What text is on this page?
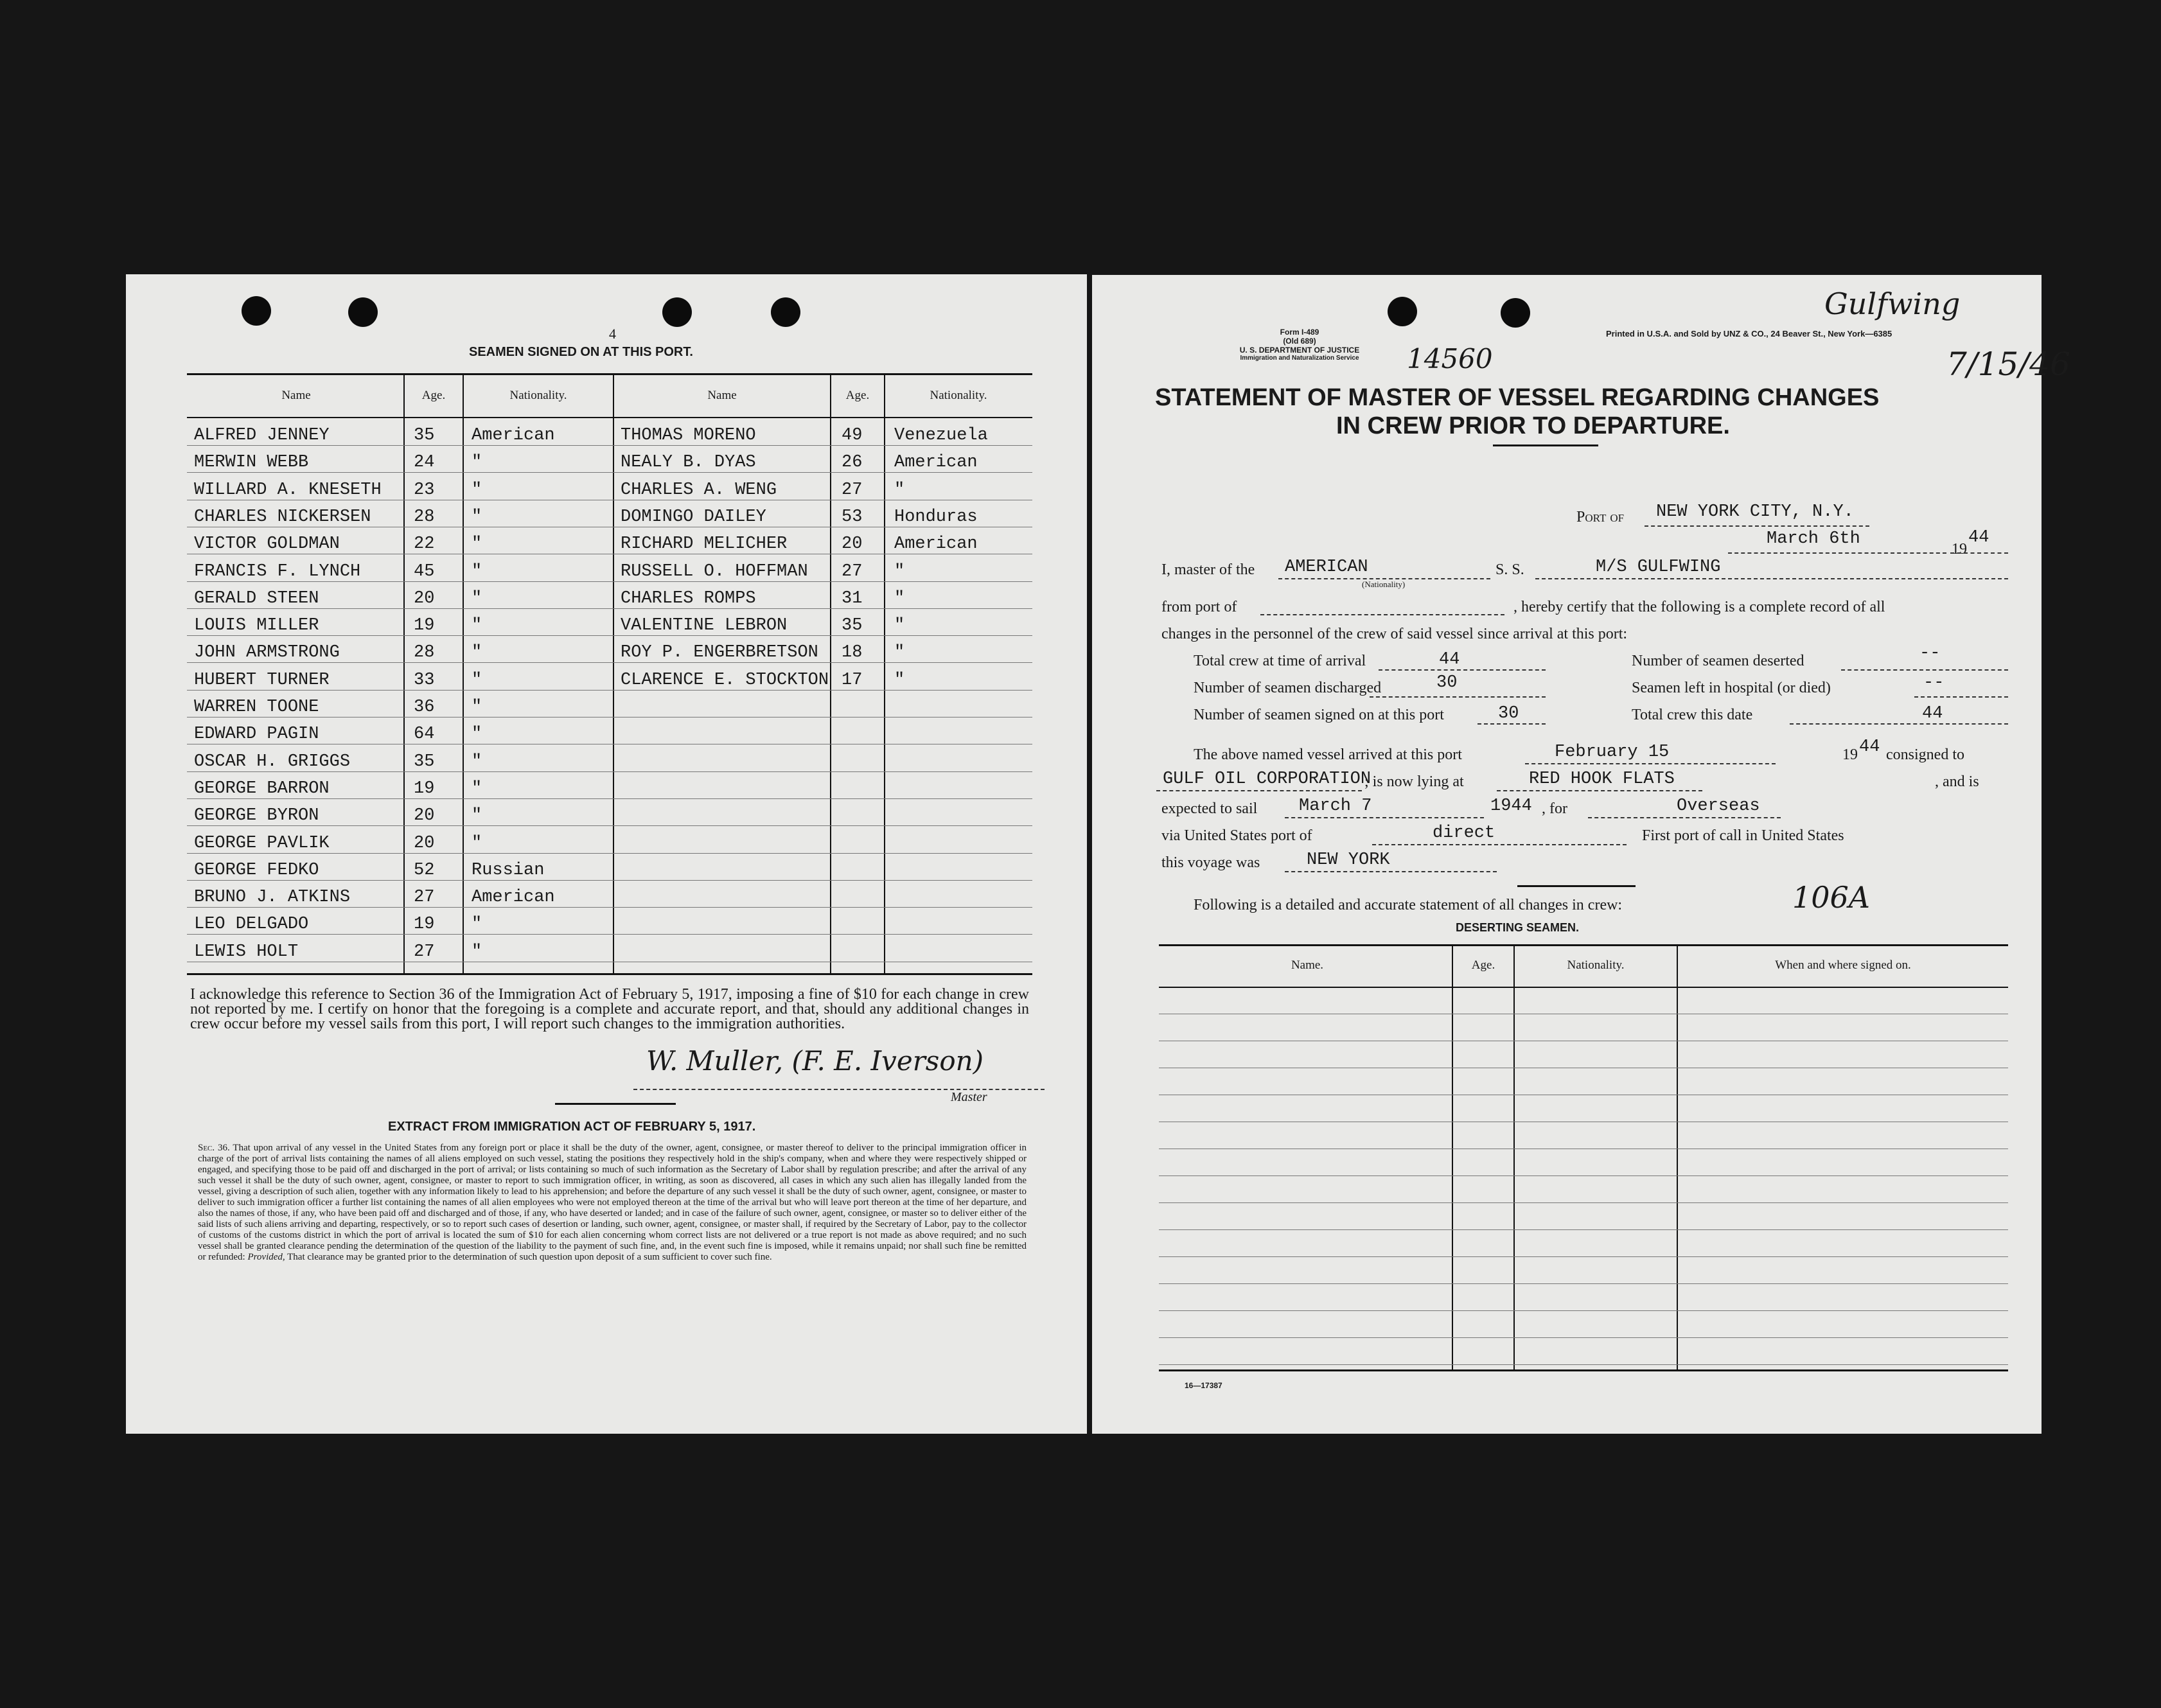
4
SEAMEN SIGNED ON AT THIS PORT.
Name	Age.	Nationality.	Name	Age.	Nationality.
ALFRED JENNEY	35 American
MERWIN WEBB	24 "
WILLARD A. KNESETH 23 "
CHARLES NICKERSEN 28 "
VICTOR GOLDMAN	22 "
FRANCIS F. LYNCH	45 "
GERALD STEEN	20 "
LOUIS MILLER	19 "
JOHN ARMSTRONG	28 "
HUBERT TURNER	33 "
WARREN TOONE	36 "
EDWARD PAGIN	64 "
OSCAR H. GRIGGS	35 "
GEORGE BARRON	19 "
GEORGE BYRON	20 "
GEORGE PAVLIK	20 "
GEORGE FEDKO	52 Russian
BRUNO J. ATKINS	27 American
LEO DELGADO	19 "
LEWIS HOLT	27 "
THOMAS MORENO	49 Venezuela
NEALY B. DYAS	26 American
CHARLES A. WENG	27 "
DOMINGO DAILEY	53 Honduras
RICHARD MELICHER	20 American
RUSSELL O. HOFFMAN 27 "
CHARLES ROMPS	31 "
VALENTINE LEBRON	35 "
ROY P. ENGERBRETSON 18 "
CLARENCE E. STOCKTON 17 "
I acknowledge this reference to Section 36 of the Immigration Act of February 5, 1917, imposing a fine of $10 for each change in crew not reported by me. I certify on honor that the foregoing is a complete and accurate report, and that, should any additional changes in crew occur before my vessel sails from this port, I will report such changes to the immigration authorities.
W. Muller, (F. E. Iverson)
Master
EXTRACT FROM IMMIGRATION ACT OF FEBRUARY 5, 1917.
Sec. 36. That upon arrival of any vessel in the United States from any foreign port or place it shall be the duty of the owner, agent, consignee, or master thereof to deliver to the principal immigration officer in charge of the port of arrival lists containing the names of all aliens employed on such vessel, stating the positions they respectively hold in the ship's company, when and where they were respectively shipped or engaged, and specifying those to be paid off and discharged in the port of arrival; or lists containing so much of such information as the Secretary of Labor shall by regulation prescribe; and after the arrival of any such vessel it shall be the duty of such owner, agent, consignee, or master to report to such immigration officer, in writing, as soon as discovered, all cases in which any such alien has illegally landed from the vessel, giving a description of such alien, together with any information likely to lead to his apprehension; and before the departure of any such vessel it shall be the duty of such owner, agent, consignee, or master to deliver to such immigration officer a further list containing the names of all alien employees who were not employed thereon at the time of the arrival but who will leave port thereon at the time of her departure, and also the names of those, if any, who have been paid off and discharged and of those, if any, who have deserted or landed; and in case of the failure of such owner, agent, consignee, or master so to deliver either of the said lists of such aliens arriving and departing, respectively, or so to report such cases of desertion or landing, such owner, agent, consignee, or master shall, if required by the Secretary of Labor, pay to the collector of customs of the customs district in which the port of arrival is located the sum of $10 for each alien concerning whom correct lists are not delivered or a true report is not made as above required; and no such vessel shall be granted clearance pending the determination of the question of the liability to the payment of such fine, and, in the event such fine is imposed, while it remains unpaid; nor shall such fine be remitted or refunded: Provided, That clearance may be granted prior to the determination of such question upon deposit of a sum sufficient to cover such fine.
Form I-489
(Old 689)
U. S. DEPARTMENT OF JUSTICE
Immigration and Naturalization Service 14560
Printed in U.S.A. and Sold by UNZ & CO., 24 Beaver St., New York—6385
Gulfwing
7/15/46
STATEMENT OF MASTER OF VESSEL REGARDING CHANGES
IN CREW PRIOR TO DEPARTURE.
Port of NEW YORK CITY, N.Y.
March 6th
19
44
I, master of the AMERICAN
(Nationality)
S. S.	M/S GULFWING
from port of	, hereby certify that the following is a complete record of all
changes in the personnel of the crew of said vessel since arrival at this port:
Total crew at time of arrival	44	Number of seamen deserted	--
Number of seamen discharged	30	Seamen left in hospital (or died)	--
Number of seamen signed on at this port	30	Total crew this date	44
The above named vessel arrived at this port	February 15	19 44 consigned to
GULF OIL CORPORATION
; is now lying at	RED HOOK FLATS	, and is
expected to sail March 7	1944 , for	Overseas
via United States port of	direct	First port of call in United States
this voyage was	NEW YORK
Following is a detailed and accurate statement of all changes in crew:	106A
DESERTING SEAMEN.
Name.	Age.	Nationality.	When and where signed on.
16—17387
